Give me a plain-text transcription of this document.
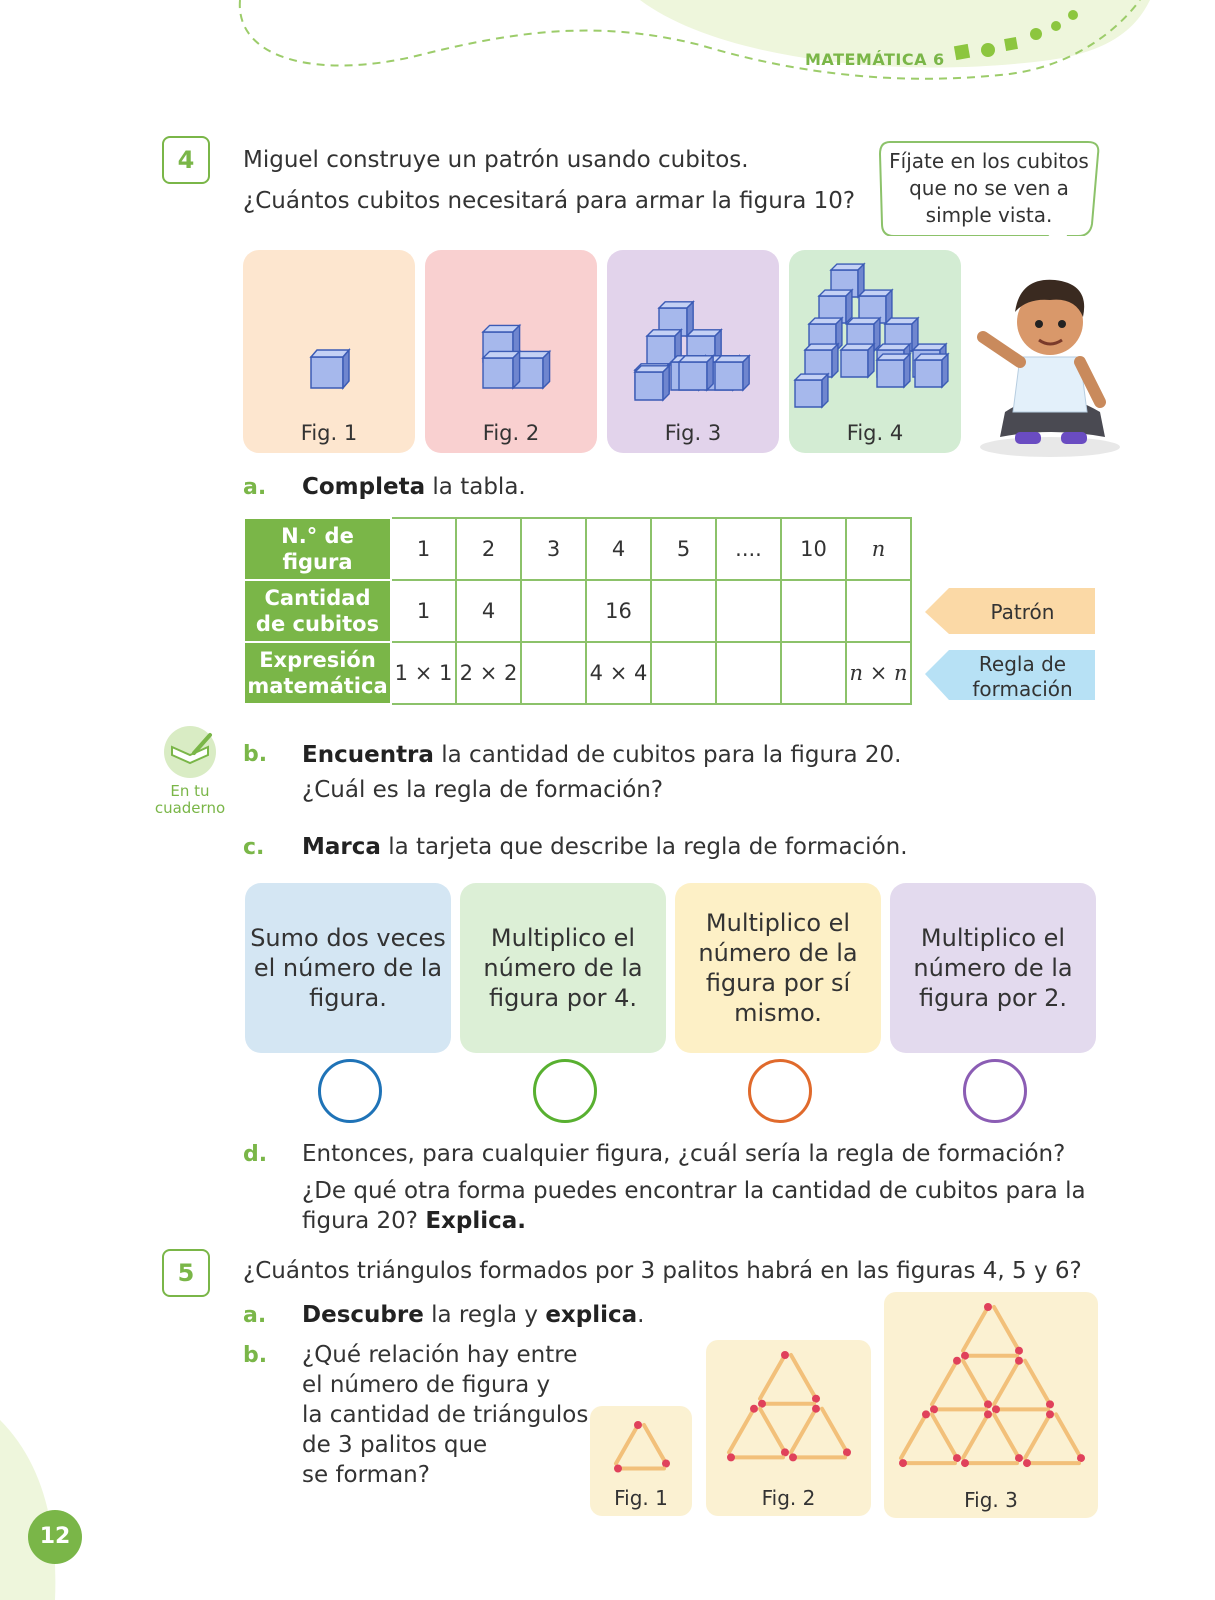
MATEMÁTICA 6
4	Miguel construye un patrón usando cubitos.
¿Cuántos cubitos necesitará para armar la figura 10?
Fíjate en los cubitos
que no se ven a
simple vista.
Fig. 1	Fig. 2	Fig. 3	Fig. 4
a. Completa la tabla.
N.° de
figura	1	2	3	4	5	....	10	n

Cantidad
de cubitos	1	4		16				

Expresión
matemática	1 × 1	2 × 2		4 × 4				n × n
Patrón
Regla de
formación
En tu
cuaderno
b. Encuentra la cantidad de cubitos para la figura 20.
¿Cuál es la regla de formación?
c. Marca la tarjeta que describe la regla de formación.
Sumo dos veces el número de la figura.
Multiplico el número de la figura por 4.
Multiplico el número de la figura por sí mismo.
Multiplico el número de la figura por 2.
d. Entonces, para cualquier figura, ¿cuál sería la regla de formación?
¿De qué otra forma puedes encontrar la cantidad de cubitos para la
figura 20? Explica.
5	¿Cuántos triángulos formados por 3 palitos habrá en las figuras 4, 5 y 6?
a. Descubre la regla y explica.
b. ¿Qué relación hay entre
el número de figura y
la cantidad de triángulos
de 3 palitos que
se forman?
Fig. 1	Fig. 2	Fig. 3
12
